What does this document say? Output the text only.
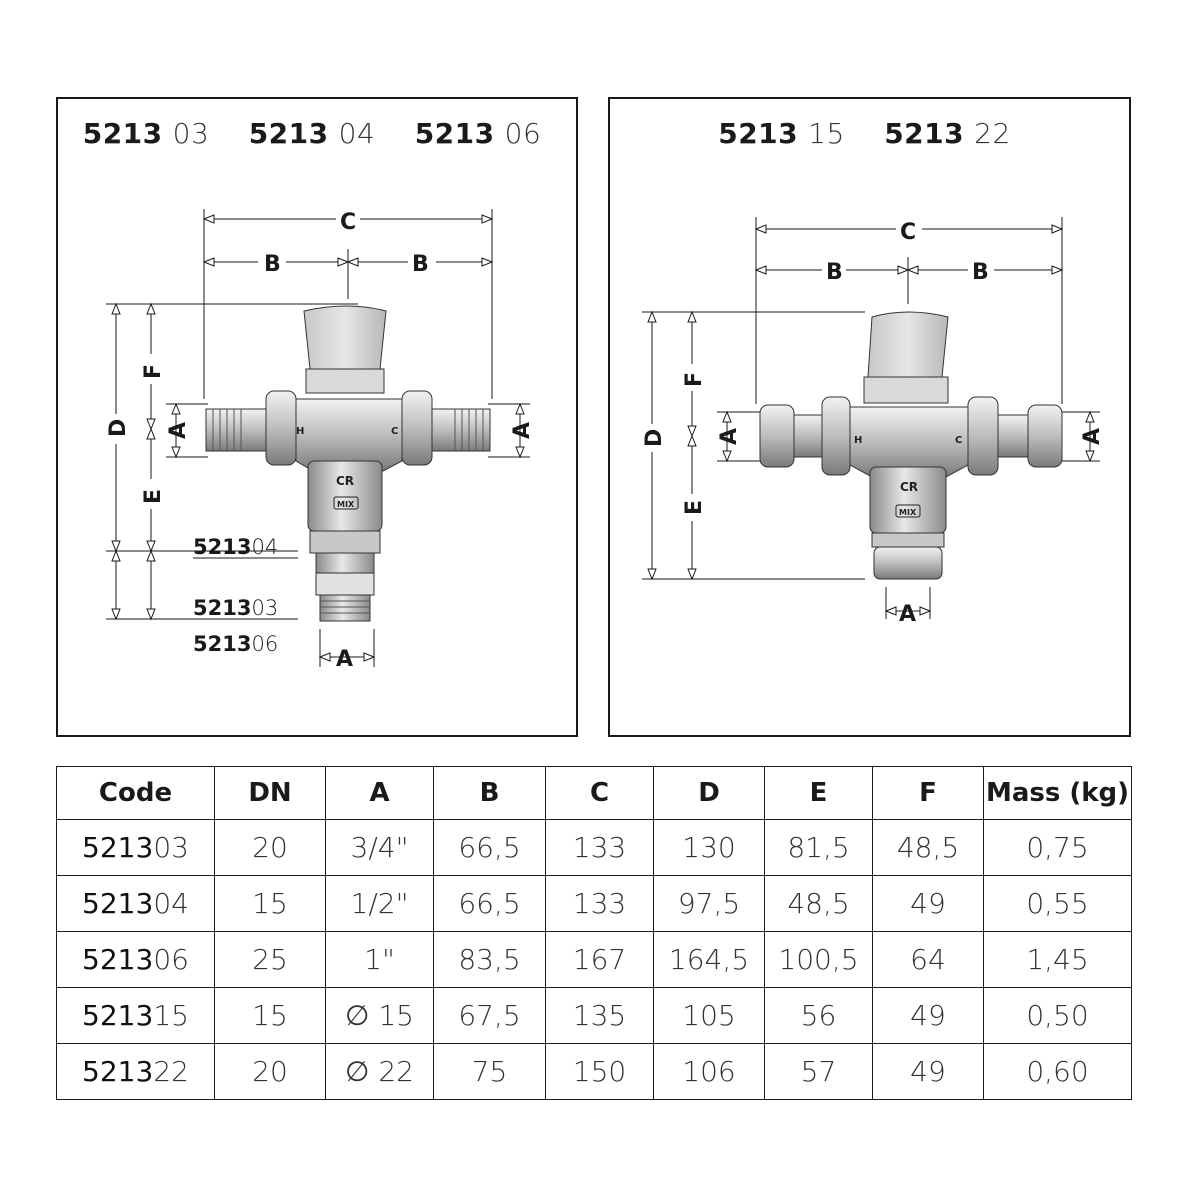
5213 03 5213 04 5213 06
H	C
CR
MIX
C
B	B
D
F
E
A	A
A
521304
521303
521306
5213 15 5213 22
H	C
CR
MIX
C
B	B
D
F
E
A	A
A
Code	DN	A	B	C	D	E	F	Mass (kg)
521303	20	3/4"	66,5	133	130	81,5	48,5	0,75
521304	15	1/2"	66,5	133	97,5	48,5	49	0,55
521306	25	1"	83,5	167	164,5	100,5	64	1,45
521315	15	∅ 15	67,5	135	105	56	49	0,50
521322	20	∅ 22	75	150	106	57	49	0,60
